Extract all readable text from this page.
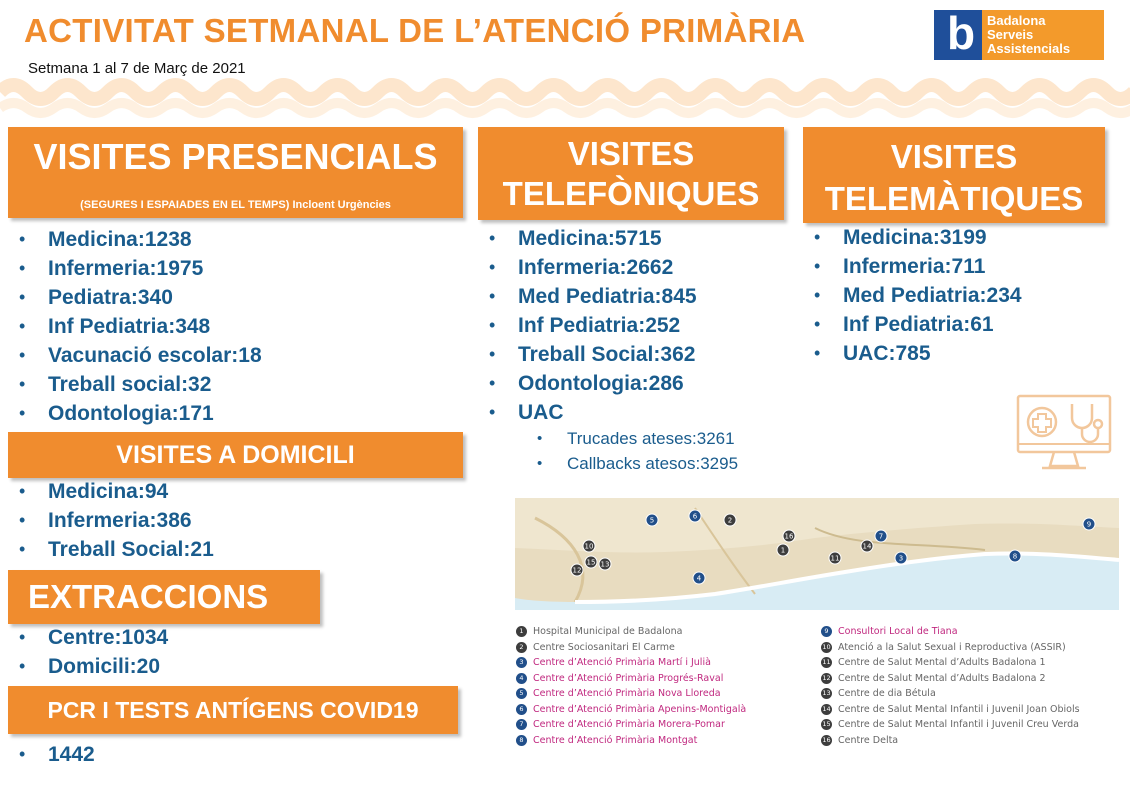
ACTIVITAT SETMANAL DE L’ATENCIÓ PRIMÀRIA
Setmana 1 al 7 de Març de 2021
b Badalona
Serveis
Assistencials
VISITES PRESENCIALS
(SEGURES I ESPAIADES EN EL TEMPS) Incloent Urgències
• Medicina:1238
• Infermeria:1975
• Pediatra:340
• Inf Pediatria:348
• Vacunació escolar:18
• Treball social:32
• Odontologia:171
VISITES A DOMICILI
• Medicina:94
• Infermeria:386
• Treball Social:21
EXTRACCIONS
• Centre:1034
• Domicili:20
PCR I TESTS ANTÍGENS COVID19
• 1442
VISITES
TELEFÒNIQUES
• Medicina:5715
• Infermeria:2662
• Med Pediatria:845
• Inf Pediatria:252
• Treball Social:362
• Odontologia:286
• UAC
• Trucades ateses:3261
• Callbacks atesos:3295
VISITES
TELEMÀTIQUES
• Medicina:3199
• Infermeria:711
• Med Pediatria:234
• Inf Pediatria:61
• UAC:785
1
2
3
4
5	6
7
8
9
10
11
12
13
14
15
16
1 Hospital Municipal de Badalona
2 Centre Sociosanitari El Carme
3 Centre d’Atenció Primària Martí i Julià
4 Centre d’Atenció Primària Progrés-Raval
5 Centre d’Atenció Primària Nova Lloreda
6 Centre d’Atenció Primària Apenins-Montigalà
7 Centre d’Atenció Primària Morera-Pomar
8 Centre d’Atenció Primària Montgat
9 Consultori Local de Tiana
10 Atenció a la Salut Sexual i Reproductiva (ASSIR)
11 Centre de Salut Mental d’Adults Badalona 1
12 Centre de Salut Mental d’Adults Badalona 2
13 Centre de dia Bétula
14 Centre de Salut Mental Infantil i Juvenil Joan Obiols
15 Centre de Salut Mental Infantil i Juvenil Creu Verda
16 Centre Delta
